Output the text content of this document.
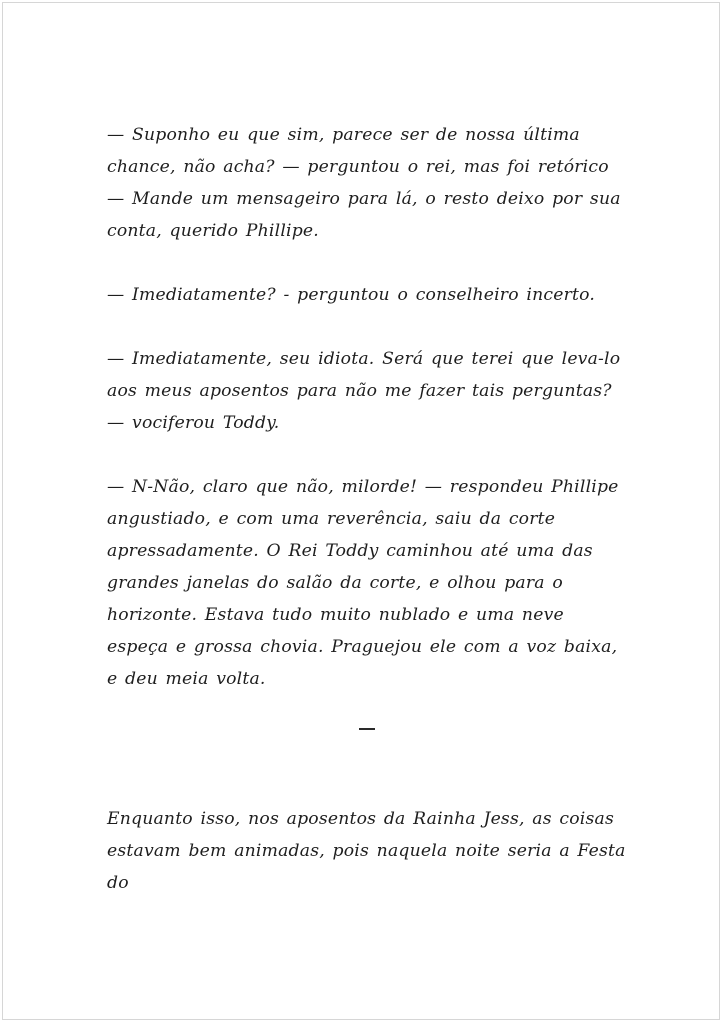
— Suponho eu que sim, parece ser de nossa última chance, não acha? — perguntou o rei, mas foi retórico — Mande um mensageiro para lá, o resto deixo por sua conta, querido Phillipe.

— Imediatamente? - perguntou o conselheiro incerto.

— Imediatamente, seu idiota. Será que terei que leva-lo aos meus aposentos para não me fazer tais perguntas? — vociferou Toddy.

— N-Não, claro que não, milorde! — respondeu Phillipe angustiado, e com uma reverência, saiu da corte apressadamente. O Rei Toddy caminhou até uma das grandes janelas do salão da corte, e olhou para o horizonte. Estava tudo muito nublado e uma neve espeça e grossa chovia. Praguejou ele com a voz baixa, e deu meia volta.

Enquanto isso, nos aposentos da Rainha Jess, as coisas estavam bem animadas, pois naquela noite seria a Festa do
